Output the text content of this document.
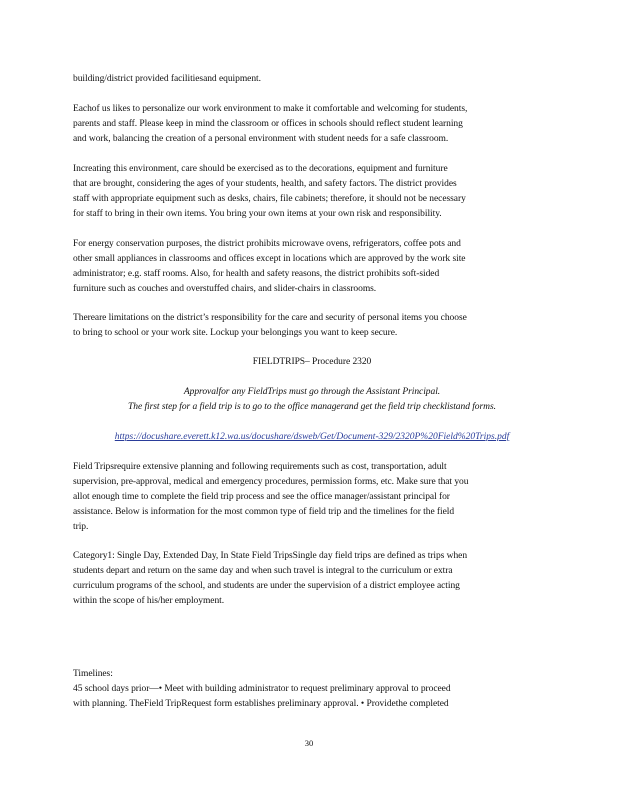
building/district provided facilitiesand equipment.

Eachof us likes to personalize our work environment to make it comfortable and welcoming for students,
parents and staff. Please keep in mind the classroom or offices in schools should reflect student learning
and work, balancing the creation of a personal environment with student needs for a safe classroom.

Increating this environment, care should be exercised as to the decorations, equipment and furniture
that are brought, considering the ages of your students, health, and safety factors. The district provides
staff with appropriate equipment such as desks, chairs, file cabinets; therefore, it should not be necessary
for staff to bring in their own items. You bring your own items at your own risk and responsibility.

For energy conservation purposes, the district prohibits microwave ovens, refrigerators, coffee pots and
other small appliances in classrooms and offices except in locations which are approved by the work site
administrator; e.g. staff rooms. Also, for health and safety reasons, the district prohibits soft-sided
furniture such as couches and overstuffed chairs, and slider-chairs in classrooms.

Thereare limitations on the district’s responsibility for the care and security of personal items you choose
to bring to school or your work site. Lockup your belongings you want to keep secure.

FIELDTRIPS– Procedure 2320

Approvalfor any FieldTrips must go through the Assistant Principal.
The first step for a field trip is to go to the office managerand get the field trip checklistand forms.

https://docushare.everett.k12.wa.us/docushare/dsweb/Get/Document-329/2320P%20Field%20Trips.pdf

Field Tripsrequire extensive planning and following requirements such as cost, transportation, adult
supervision, pre-approval, medical and emergency procedures, permission forms, etc. Make sure that you
allot enough time to complete the field trip process and see the office manager/assistant principal for
assistance. Below is information for the most common type of field trip and the timelines for the field
trip.

Category1: Single Day, Extended Day, In State Field TripsSingle day field trips are defined as trips when
students depart and return on the same day and when such travel is integral to the curriculum or extra
curriculum programs of the school, and students are under the supervision of a district employee acting
within the scope of his/her employment.

Timelines:
45 school days prior—• Meet with building administrator to request preliminary approval to proceed
with planning. TheField TripRequest form establishes preliminary approval. • Providethe completed

30
